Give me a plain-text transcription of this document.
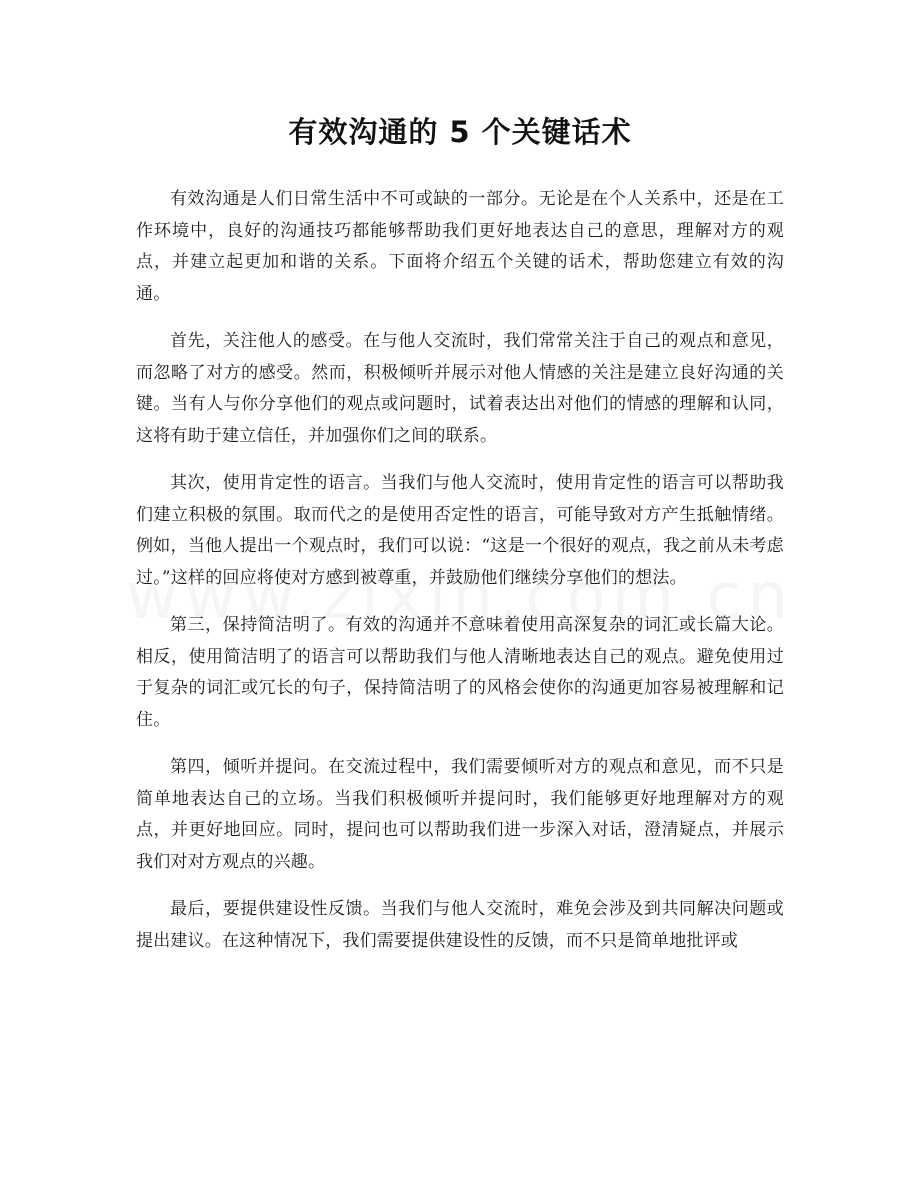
有效沟通的 5 个关键话术

有效沟通是人们日常生活中不可或缺的一部分。无论是在个人关系中，还是在工作环境中，良好的沟通技巧都能够帮助我们更好地表达自己的意思，理解对方的观点，并建立起更加和谐的关系。下面将介绍五个关键的话术，帮助您建立有效的沟通。

首先，关注他人的感受。在与他人交流时，我们常常关注于自己的观点和意见，而忽略了对方的感受。然而，积极倾听并展示对他人情感的关注是建立良好沟通的关键。当有人与你分享他们的观点或问题时，试着表达出对他们的情感的理解和认同，这将有助于建立信任，并加强你们之间的联系。

其次，使用肯定性的语言。当我们与他人交流时，使用肯定性的语言可以帮助我们建立积极的氛围。取而代之的是使用否定性的语言，可能导致对方产生抵触情绪。例如，当他人提出一个观点时，我们可以说：“这是一个很好的观点，我之前从未考虑过。”这样的回应将使对方感到被尊重，并鼓励他们继续分享他们的想法。

第三，保持简洁明了。有效的沟通并不意味着使用高深复杂的词汇或长篇大论。相反，使用简洁明了的语言可以帮助我们与他人清晰地表达自己的观点。避免使用过于复杂的词汇或冗长的句子，保持简洁明了的风格会使你的沟通更加容易被理解和记住。

第四，倾听并提问。在交流过程中，我们需要倾听对方的观点和意见，而不只是简单地表达自己的立场。当我们积极倾听并提问时，我们能够更好地理解对方的观点，并更好地回应。同时，提问也可以帮助我们进一步深入对话，澄清疑点，并展示我们对对方观点的兴趣。

最后，要提供建设性反馈。当我们与他人交流时，难免会涉及到共同解决问题或提出建议。在这种情况下，我们需要提供建设性的反馈，而不只是简单地批评或
